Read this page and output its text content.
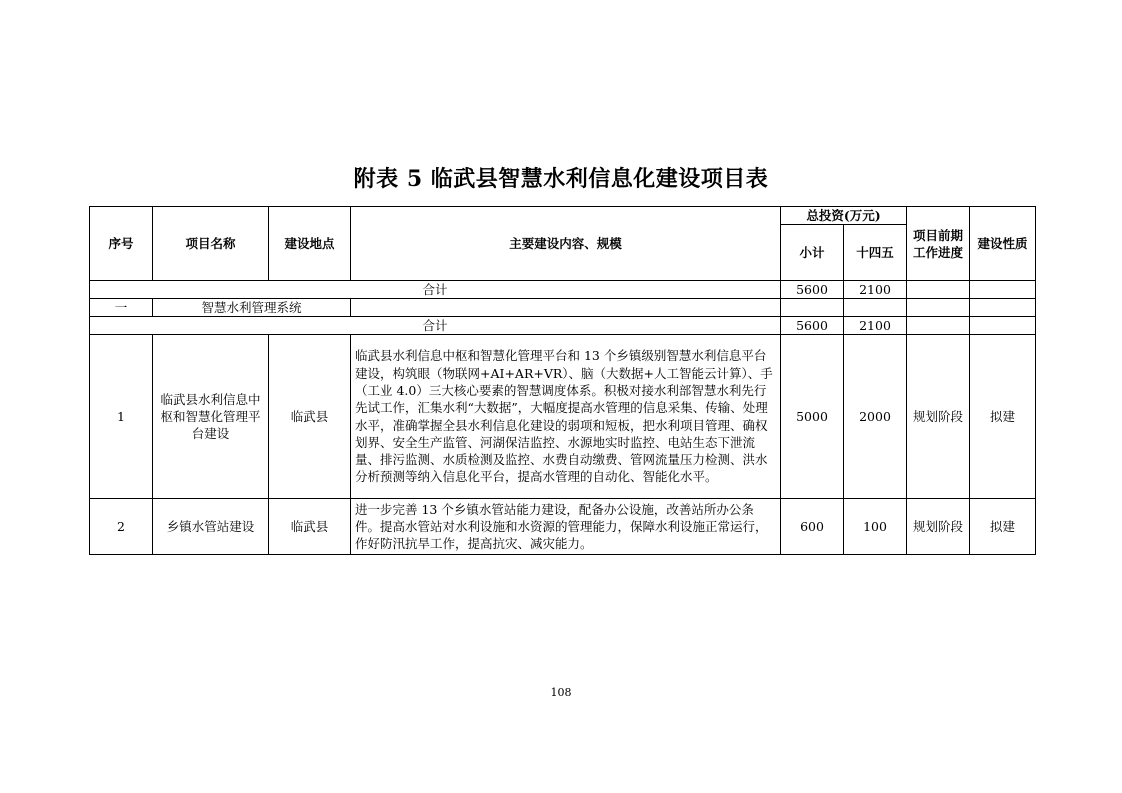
附表 5 临武县智慧水利信息化建设项目表
序号	项目名称	建设地点	主要建设内容、规模	总投资(万元)		项目前期工作进度	建设性质
				小计	十四五		
合计				5600	2100		
一	智慧水利管理系统						
合计				5600	2100		
1	临武县水利信息中枢和智慧化管理平台建设	临武县	临武县水利信息中枢和智慧化管理平台和 13 个乡镇级别智慧水利信息平台建设，构筑眼（物联网+AI+AR+VR）、脑（大数据+人工智能云计算）、手（工业 4.0）三大核心要素的智慧调度体系。积极对接水利部智慧水利先行先试工作，汇集水利“大数据”，大幅度提高水管理的信息采集、传输、处理水平，准确掌握全县水利信息化建设的弱项和短板，把水利项目管理、确权划界、安全生产监管、河湖保洁监控、水源地实时监控、电站生态下泄流量、排污监测、水质检测及监控、水费自动缴费、管网流量压力检测、洪水分析预测等纳入信息化平台，提高水管理的自动化、智能化水平。	5000	2000	规划阶段	拟建
2	乡镇水管站建设	临武县	进一步完善 13 个乡镇水管站能力建设，配备办公设施，改善站所办公条件。提高水管站对水利设施和水资源的管理能力，保障水利设施正常运行，作好防汛抗旱工作，提高抗灾、减灾能力。	600	100	规划阶段	拟建
108
